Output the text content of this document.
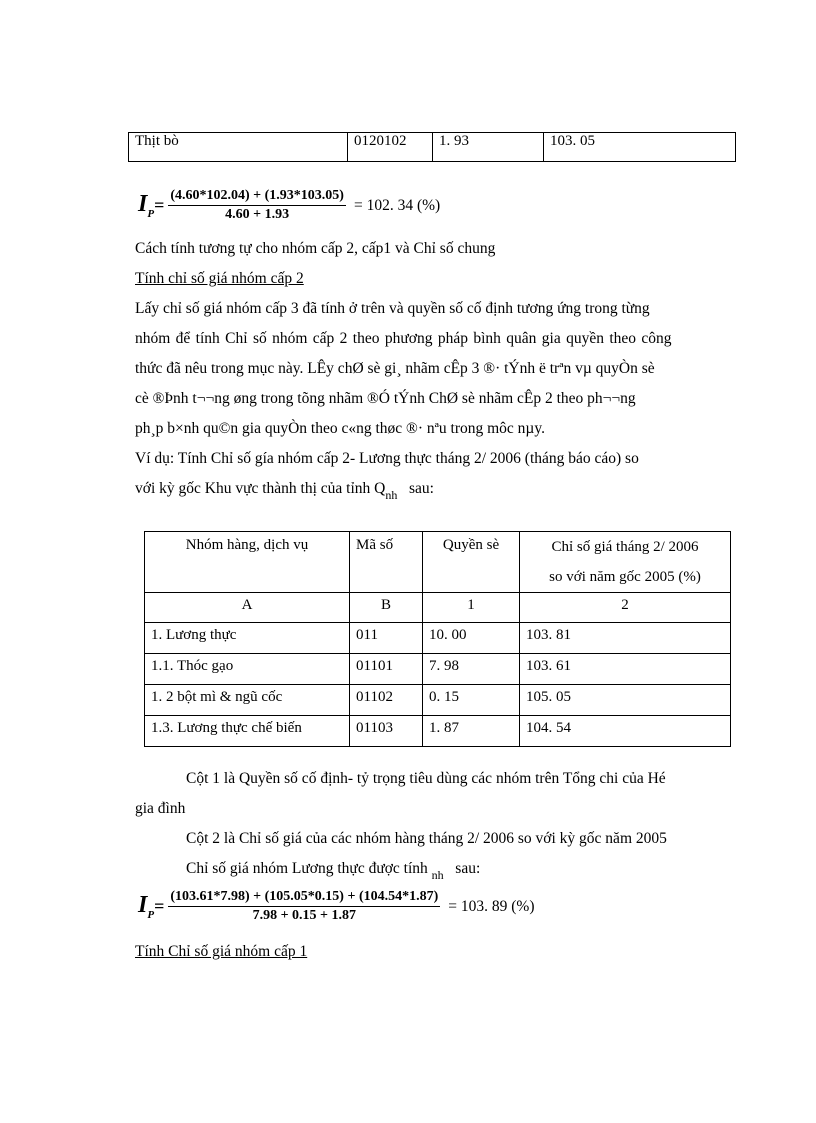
Thịt bò	0120102	1. 93	103. 05
$I_P = \frac{(4.60*102.04) + (1.93*103.05)}{4.60 + 1.93} = 102$. 34 (%)
Cách tính tương tự cho nhóm cấp 2, cấp1 và Chỉ số chung
Tính chỉ số giá nhóm cấp 2
Lấy chỉ số giá nhóm cấp 3 đã tính ở trên và quyền số cố định tương ứng trong từng
nhóm để tính Chỉ số nhóm cấp 2 theo phương pháp bình quân gia quyền theo công
thức đã nêu trong mục này. LÊy chØ sè gi¸ nhãm cÊp 3 ®· tÝnh ë trªn vµ quyÒn sè
cè ®Þnh t¬¬ng øng trong tõng nhãm ®Ó tÝnh ChØ sè nhãm cÊp 2 theo ph¬¬ng
ph¸p b×nh qu©n gia quyÒn theo c«ng thøc ®· nªu trong môc nµy.
Ví dụ: Tính Chỉ số gía nhóm cấp 2- Lương thực tháng 2/ 2006 (tháng báo cáo) so
với kỳ gốc Khu vực thành thị của tỉnh $Q_{nh}$ sau:
Nhóm hàng, dịch vụ	Mã số	Quyền sè	Chỉ số giá tháng 2/ 2006
so với năm gốc 2005 (%)
A	B	1	2
1. Lương thực	011	10. 00	103. 81
1.1. Thóc gạo	01101	7. 98	103. 61
1. 2 bột mì & ngũ cốc	01102	0. 15	105. 05
1.3. Lương thực chế biến	01103	1. 87	104. 54
Cột 1 là Quyền số cố định- tỷ trọng tiêu dùng các nhóm trên Tổng chi của Hé
gia đình
Cột 2 là Chỉ số giá của các nhóm hàng tháng 2/ 2006 so với kỳ gốc năm 2005
Chỉ số giá nhóm Lương thực được tính $_{nh}$ sau:
$I_P = \frac{(103.61*7.98) + (105.05*0.15) + (104.54*1.87)}{7.98 + 0.15 + 1.87} = 103$. 89 (%)
Tính Chỉ số giá nhóm cấp 1
